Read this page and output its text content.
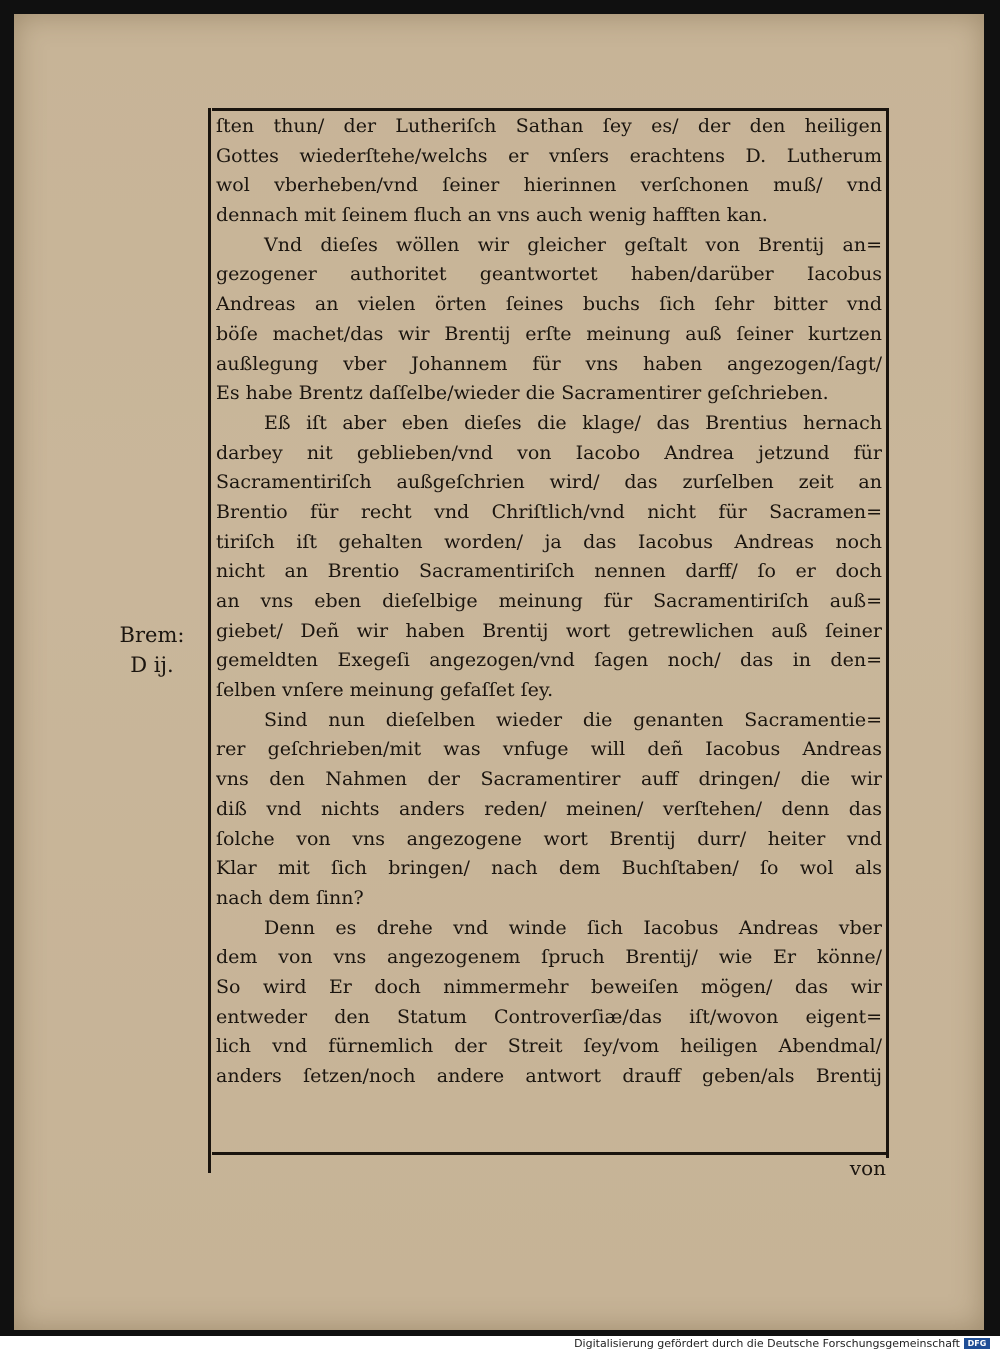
ſten thun/ der Lutheriſch Sathan ſey es/ der den heiligen
Gottes wiederſtehe/welchs er vnſers erachtens D. Lutherum
wol vberheben/vnd ſeiner hierinnen verſchonen muß/ vnd
dennach mit ſeinem fluch an vns auch wenig hafften kan.
Vnd dieſes wöllen wir gleicher geſtalt von Brentij an=
gezogener authoritet geantwortet haben/darüber Iacobus
Andreas an vielen örten ſeines buchs ſich ſehr bitter vnd
böſe machet/das wir Brentij erſte meinung auß ſeiner kurtzen
außlegung vber Johannem für vns haben angezogen/ſagt/
Es habe Brentz daſſelbe/wieder die Sacramentirer geſchrieben.
Eß iſt aber eben dieſes die klage/ das Brentius hernach
darbey nit geblieben/vnd von Iacobo Andrea jetzund für
Sacramentiriſch außgeſchrien wird/ das zurſelben zeit an
Brentio für recht vnd Chriſtlich/vnd nicht für Sacramen=
tiriſch iſt gehalten worden/ ja das Iacobus Andreas noch
nicht an Brentio Sacramentiriſch nennen darff/ ſo er doch
an vns eben dieſelbige meinung für Sacramentiriſch auß=
giebet/ Deñ wir haben Brentij wort getrewlichen auß ſeiner
gemeldten Exegeſi angezogen/vnd ſagen noch/ das in den=
ſelben vnſere meinung gefaſſet ſey.
Sind nun dieſelben wieder die genanten Sacramentie=
rer geſchrieben/mit was vnfuge will deñ Iacobus Andreas
vns den Nahmen der Sacramentirer auff dringen/ die wir
diß vnd nichts anders reden/ meinen/ verſtehen/ denn das
ſolche von vns angezogene wort Brentij durr/ heiter vnd
Klar mit ſich bringen/ nach dem Buchſtaben/ ſo wol als
nach dem ſinn?
Denn es drehe vnd winde ſich Iacobus Andreas vber
dem von vns angezogenem ſpruch Brentij/ wie Er könne/
So wird Er doch nimmermehr beweiſen mögen/ das wir
entweder den Statum Controverſiæ/das iſt/wovon eigent=
lich vnd fürnemlich der Streit ſey/vom heiligen Abendmal/
anders ſetzen/noch andere antwort drauff geben/als Brentij
Brem:
D ij.
von
Digitalisierung gefördert durch die Deutsche Forschungsgemeinschaft DFG
